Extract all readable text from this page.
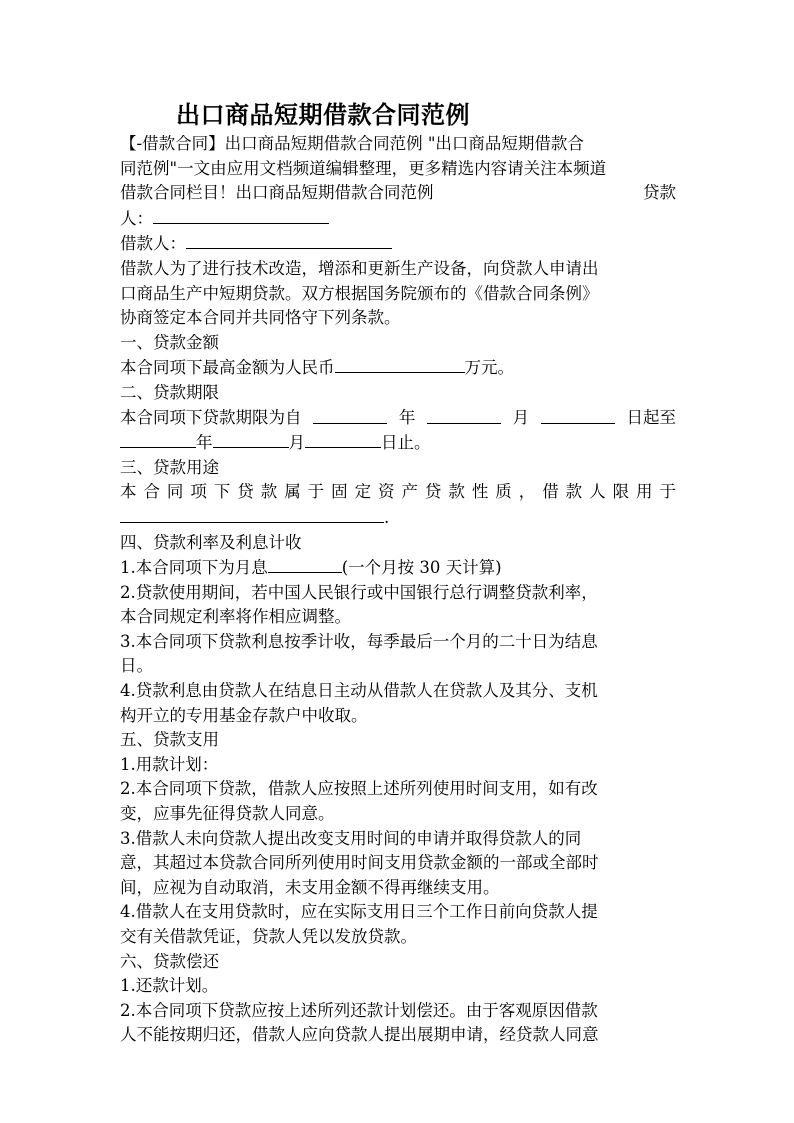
出口商品短期借款合同范例
【-借款合同】出口商品短期借款合同范例 "出口商品短期借款合
同范例"一文由应用文档频道编辑整理，更多精选内容请关注本频道
借款合同栏目！出口商品短期借款合同范例	贷款
人：
借款人：
借款人为了进行技术改造，增添和更新生产设备，向贷款人申请出
口商品生产中短期贷款。双方根据国务院颁布的《借款合同条例》
协商签定本合同并共同恪守下列条款。
一、贷款金额
本合同项下最高金额为人民币	万元。
二、贷款期限
本合同项下贷款期限为自	年	月	日起至
年	月	日止。
三、贷款用途
本合同项下贷款属于固定资产贷款性质，借款人限用于
.
四、贷款利率及利息计收
1.本合同项下为月息	(一个月按 30 天计算)
2.贷款使用期间，若中国人民银行或中国银行总行调整贷款利率，
本合同规定利率将作相应调整。
3.本合同项下贷款利息按季计收，每季最后一个月的二十日为结息
日。
4.贷款利息由贷款人在结息日主动从借款人在贷款人及其分、支机
构开立的专用基金存款户中收取。
五、贷款支用
1.用款计划：
2.本合同项下贷款，借款人应按照上述所列使用时间支用，如有改
变，应事先征得贷款人同意。
3.借款人未向贷款人提出改变支用时间的申请并取得贷款人的同
意，其超过本贷款合同所列使用时间支用贷款金额的一部或全部时
间，应视为自动取消，未支用金额不得再继续支用。
4.借款人在支用贷款时，应在实际支用日三个工作日前向贷款人提
交有关借款凭证，贷款人凭以发放贷款。
六、贷款偿还
1.还款计划。
2.本合同项下贷款应按上述所列还款计划偿还。由于客观原因借款
人不能按期归还，借款人应向贷款人提出展期申请，经贷款人同意
